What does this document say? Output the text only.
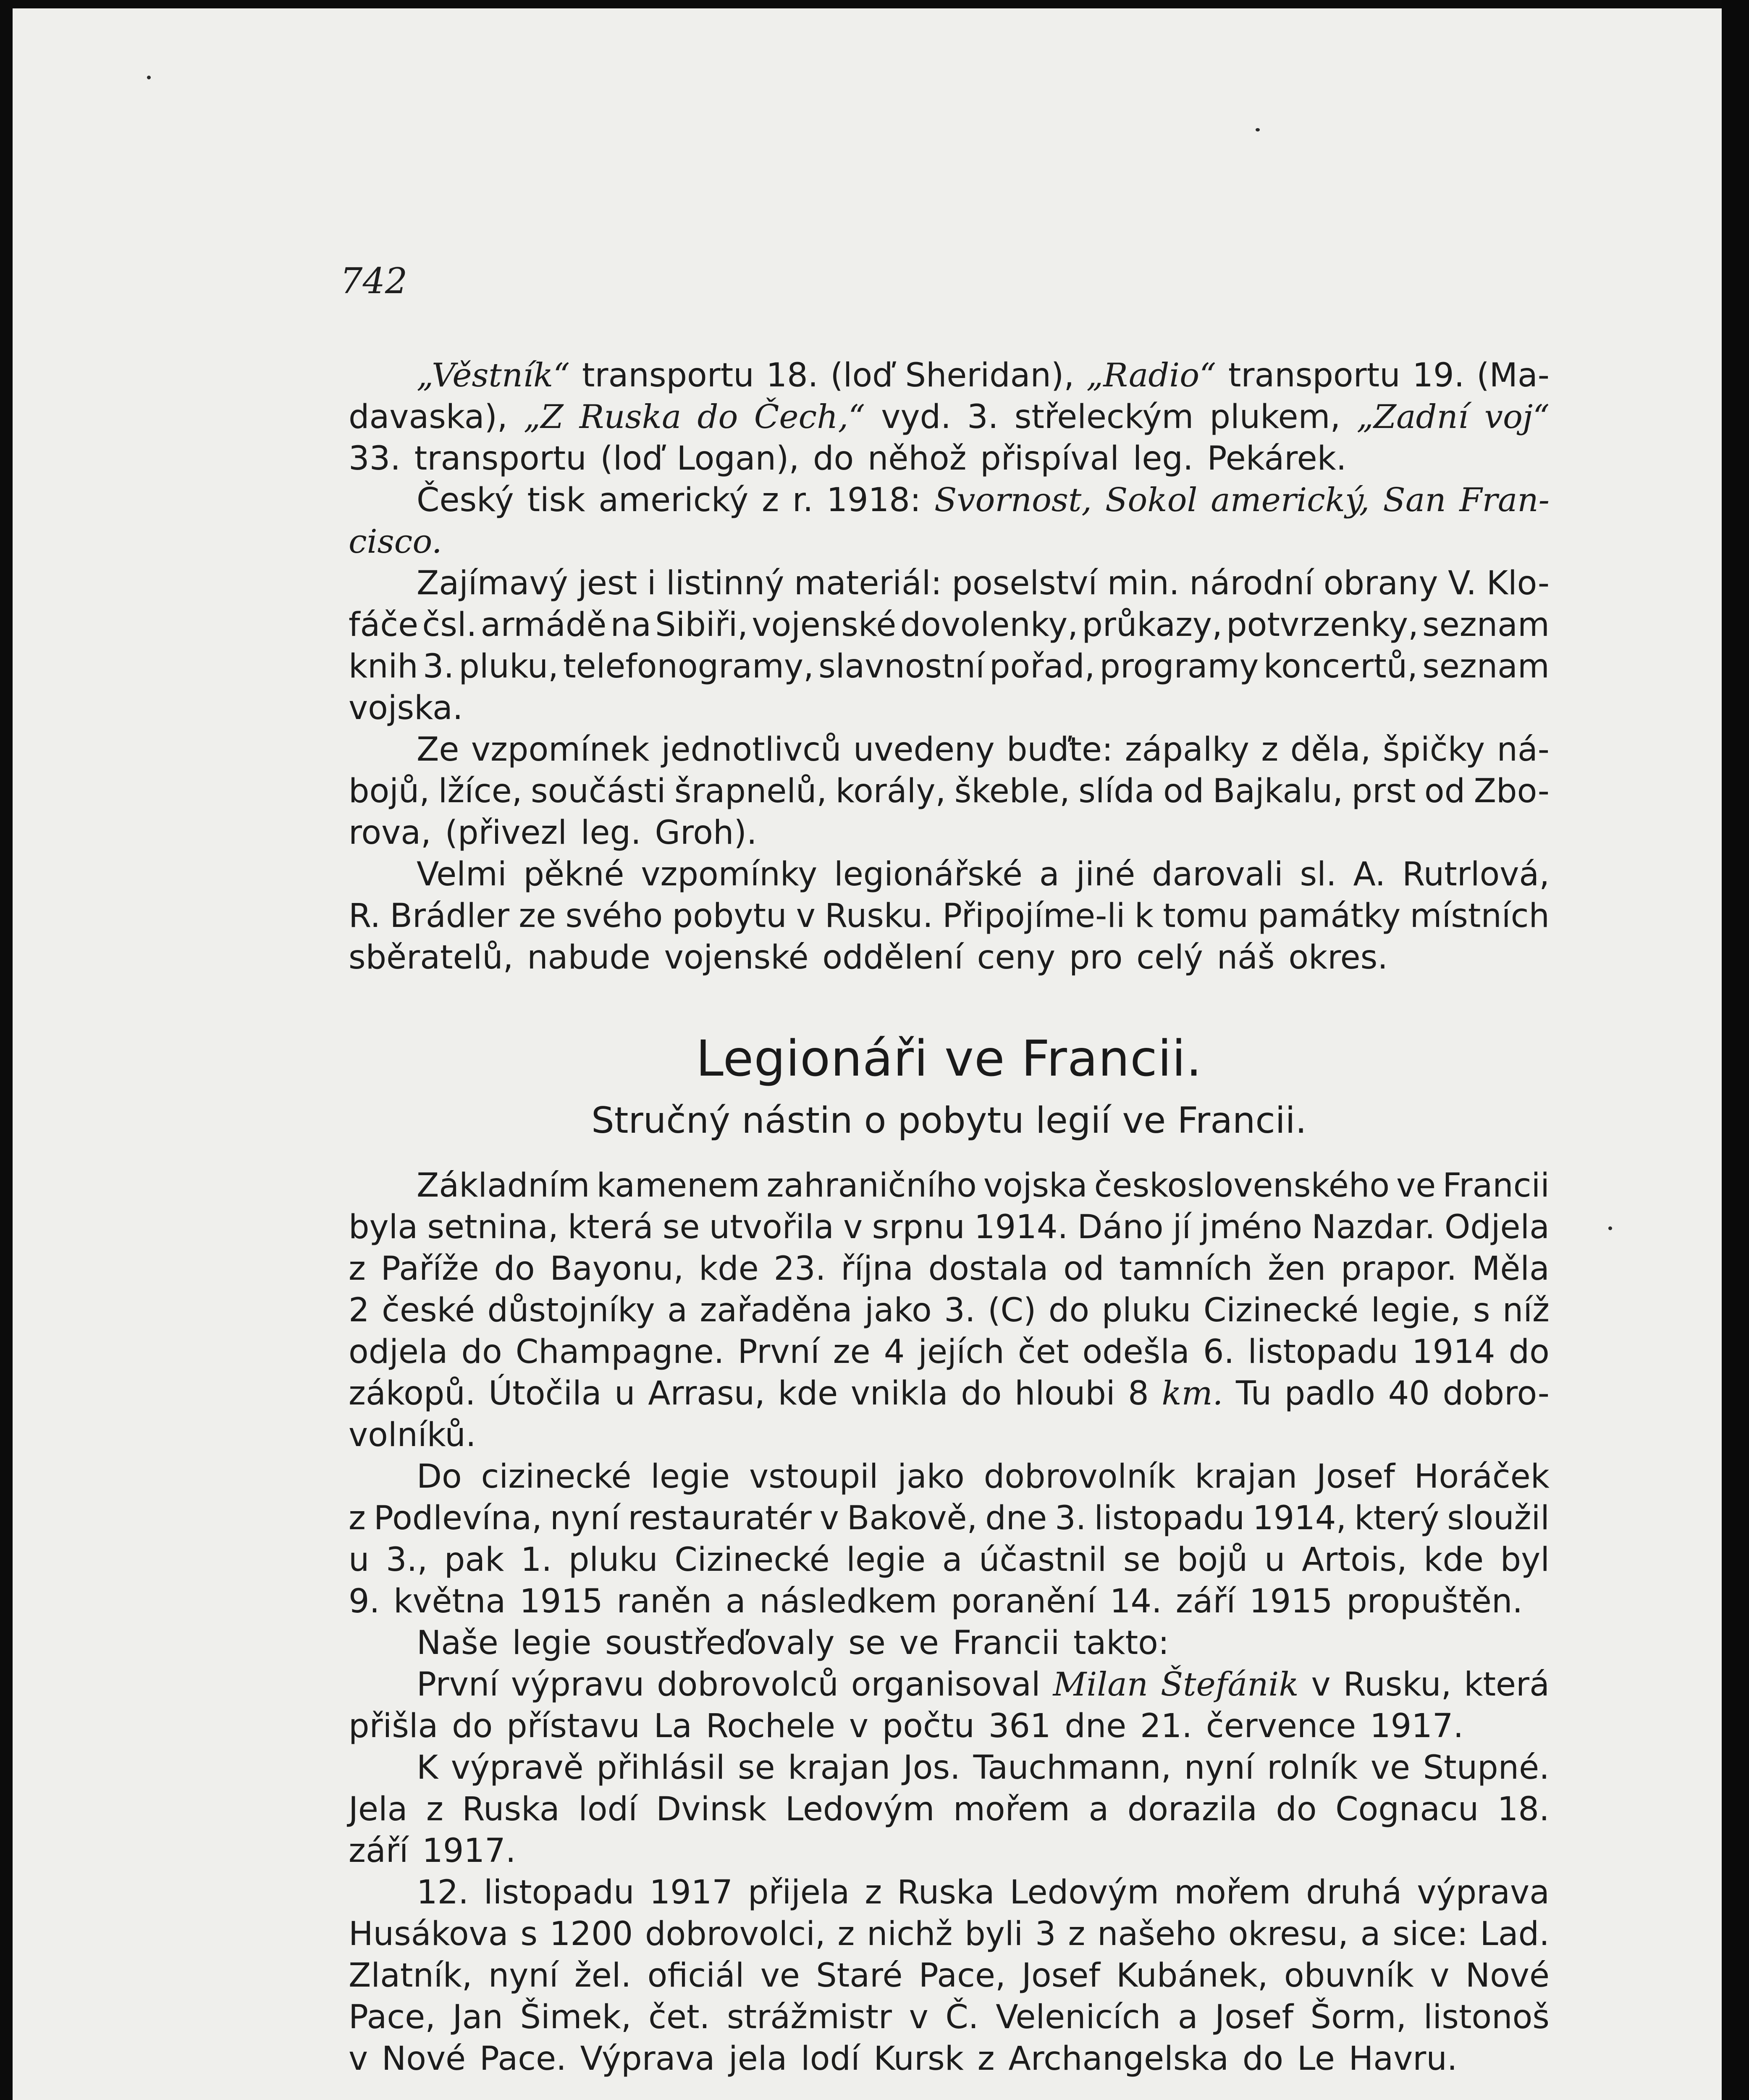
742
„Věstník“ transportu 18. (loď Sheridan), „Radio“ transportu 19. (Ma-
davaska), „Z Ruska do Čech,“ vyd. 3. střeleckým plukem, „Zadní voj“
33. transportu (loď Logan), do něhož přispíval leg. Pekárek.
Český tisk americký z r. 1918: Svornost, Sokol americký, San Fran-
cisco.
Zajímavý jest i listinný materiál: poselství min. národní obrany V. Klo-
fáče čsl. armádě na Sibiři, vojenské dovolenky, průkazy, potvrzenky, seznam
knih 3. pluku, telefonogramy, slavnostní pořad, programy koncertů, seznam
vojska.
Ze vzpomínek jednotlivců uvedeny buďte: zápalky z děla, špičky ná-
bojů, lžíce, součásti šrapnelů, korály, škeble, slída od Bajkalu, prst od Zbo-
rova, (přivezl leg. Groh).
Velmi pěkné vzpomínky legionářské a jiné darovali sl. A. Rutrlová,
R. Brádler ze svého pobytu v Rusku. Připojíme-li k tomu památky místních
sběratelů, nabude vojenské oddělení ceny pro celý náš okres.
Legionáři ve Francii.
Stručný nástin o pobytu legií ve Francii.
Základním kamenem zahraničního vojska československého ve Francii
byla setnina, která se utvořila v srpnu 1914. Dáno jí jméno Nazdar. Odjela
z Paříže do Bayonu, kde 23. října dostala od tamních žen prapor. Měla
2 české důstojníky a zařaděna jako 3. (C) do pluku Cizinecké legie, s níž
odjela do Champagne. První ze 4 jejích čet odešla 6. listopadu 1914 do
zákopů. Útočila u Arrasu, kde vnikla do hloubi 8 km. Tu padlo 40 dobro-
volníků.
Do cizinecké legie vstoupil jako dobrovolník krajan Josef Horáček
z Podlevína, nyní restauratér v Bakově, dne 3. listopadu 1914, který sloužil
u 3., pak 1. pluku Cizinecké legie a účastnil se bojů u Artois, kde byl
9. května 1915 raněn a následkem poranění 14. září 1915 propuštěn.
Naše legie soustřeďovaly se ve Francii takto:
První výpravu dobrovolců organisoval Milan Štefánik v Rusku, která
přišla do přístavu La Rochele v počtu 361 dne 21. července 1917.
K výpravě přihlásil se krajan Jos. Tauchmann, nyní rolník ve Stupné.
Jela z Ruska lodí Dvinsk Ledovým mořem a dorazila do Cognacu 18.
září 1917.
12. listopadu 1917 přijela z Ruska Ledovým mořem druhá výprava
Husákova s 1200 dobrovolci, z nichž byli 3 z našeho okresu, a sice: Lad.
Zlatník, nyní žel. oficiál ve Staré Pace, Josef Kubánek, obuvník v Nové
Pace, Jan Šimek, čet. strážmistr v Č. Velenicích a Josef Šorm, listonoš
v Nové Pace. Výprava jela lodí Kursk z Archangelska do Le Havru.
